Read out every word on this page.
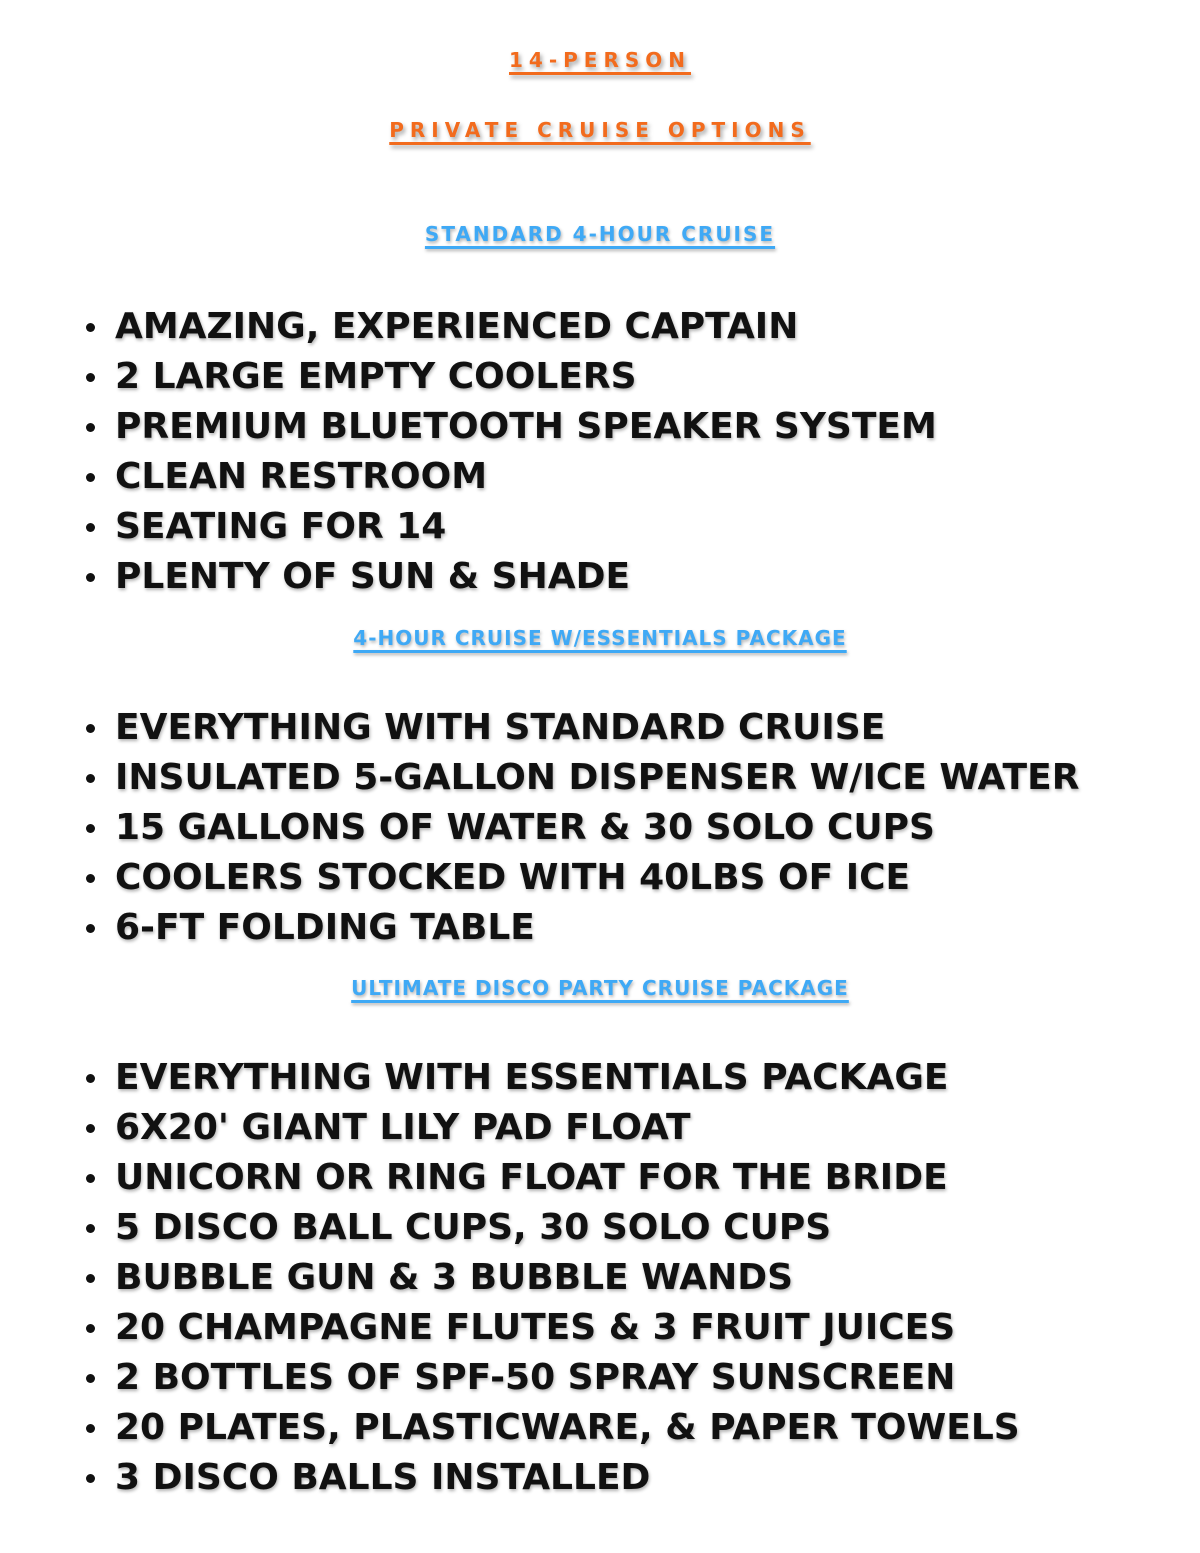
14-PERSON
PRIVATE CRUISE OPTIONS
STANDARD 4-HOUR CRUISE
AMAZING, EXPERIENCED CAPTAIN
2 LARGE EMPTY COOLERS
PREMIUM BLUETOOTH SPEAKER SYSTEM
CLEAN RESTROOM
SEATING FOR 14
PLENTY OF SUN & SHADE
4-HOUR CRUISE W/ESSENTIALS PACKAGE
EVERYTHING WITH STANDARD CRUISE
INSULATED 5-GALLON DISPENSER W/ICE WATER
15 GALLONS OF WATER & 30 SOLO CUPS
COOLERS STOCKED WITH 40LBS OF ICE
6-FT FOLDING TABLE
ULTIMATE DISCO PARTY CRUISE PACKAGE
EVERYTHING WITH ESSENTIALS PACKAGE
6X20' GIANT LILY PAD FLOAT
UNICORN OR RING FLOAT FOR THE BRIDE
5 DISCO BALL CUPS, 30 SOLO CUPS
BUBBLE GUN & 3 BUBBLE WANDS
20 CHAMPAGNE FLUTES & 3 FRUIT JUICES
2 BOTTLES OF SPF-50 SPRAY SUNSCREEN
20 PLATES, PLASTICWARE, & PAPER TOWELS
3 DISCO BALLS INSTALLED
